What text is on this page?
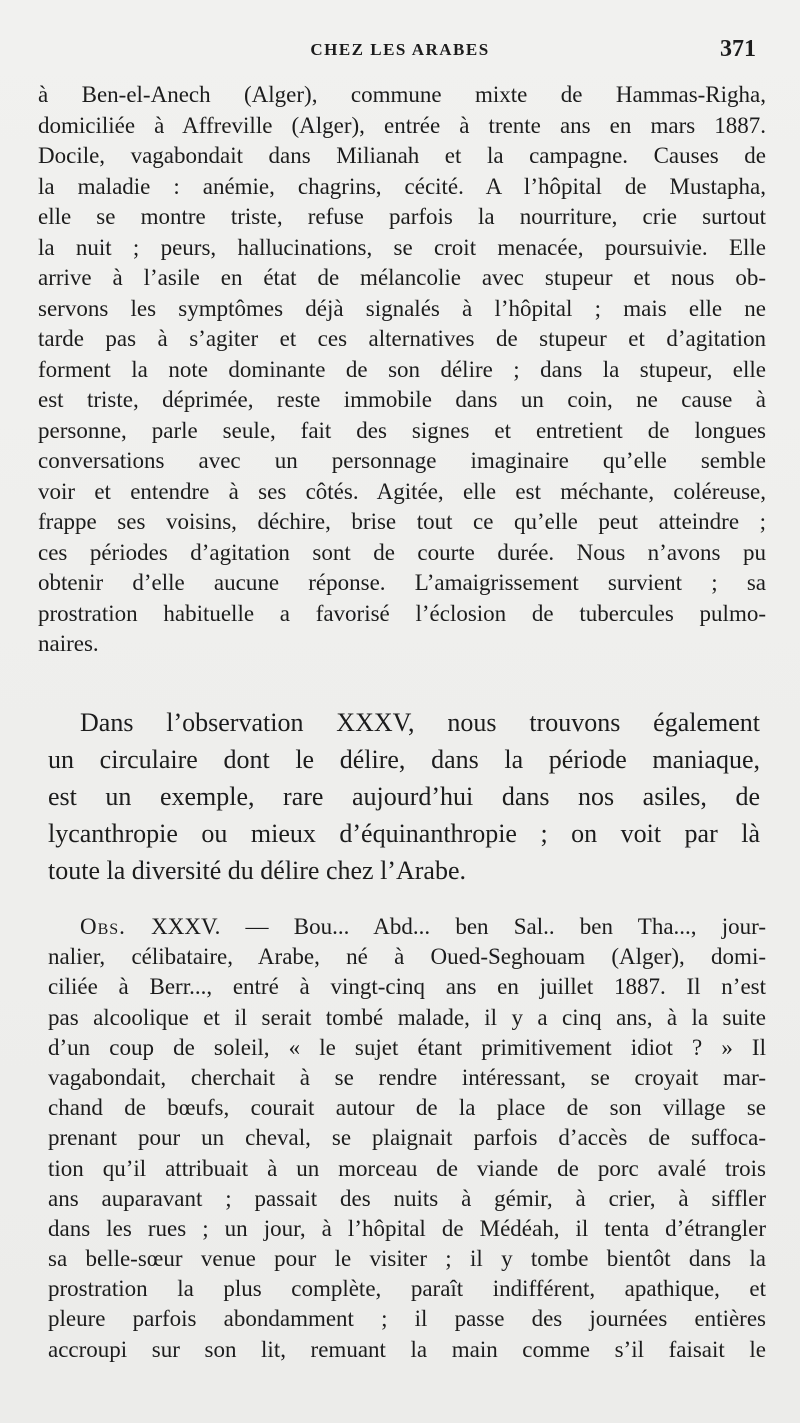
CHEZ LES ARABES	371
à Ben-el-Anech (Alger), commune mixte de Hammas-Righa,
domiciliée à Affreville (Alger), entrée à trente ans en mars 1887.
Docile, vagabondait dans Milianah et la campagne. Causes de
la maladie : anémie, chagrins, cécité. A l’hôpital de Mustapha,
elle se montre triste, refuse parfois la nourriture, crie surtout
la nuit ; peurs, hallucinations, se croit menacée, poursuivie. Elle
arrive à l’asile en état de mélancolie avec stupeur et nous ob-
servons les symptômes déjà signalés à l’hôpital ; mais elle ne
tarde pas à s’agiter et ces alternatives de stupeur et d’agitation
forment la note dominante de son délire ; dans la stupeur, elle
est triste, déprimée, reste immobile dans un coin, ne cause à
personne, parle seule, fait des signes et entretient de longues
conversations avec un personnage imaginaire qu’elle semble
voir et entendre à ses côtés. Agitée, elle est méchante, coléreuse,
frappe ses voisins, déchire, brise tout ce qu’elle peut atteindre ;
ces périodes d’agitation sont de courte durée. Nous n’avons pu
obtenir d’elle aucune réponse. L’amaigrissement survient ; sa
prostration habituelle a favorisé l’éclosion de tubercules pulmo-
naires.
Dans l’observation XXXV, nous trouvons également
un circulaire dont le délire, dans la période maniaque,
est un exemple, rare aujourd’hui dans nos asiles, de
lycanthropie ou mieux d’équinanthropie ; on voit par là
toute la diversité du délire chez l’Arabe.
Obs. XXXV. — Bou... Abd... ben Sal.. ben Tha..., jour-
nalier, célibataire, Arabe, né à Oued-Seghouam (Alger), domi-
ciliée à Berr..., entré à vingt-cinq ans en juillet 1887. Il n’est
pas alcoolique et il serait tombé malade, il y a cinq ans, à la suite
d’un coup de soleil, « le sujet étant primitivement idiot ? » Il
vagabondait, cherchait à se rendre intéressant, se croyait mar-
chand de bœufs, courait autour de la place de son village se
prenant pour un cheval, se plaignait parfois d’accès de suffoca-
tion qu’il attribuait à un morceau de viande de porc avalé trois
ans auparavant ; passait des nuits à gémir, à crier, à siffler
dans les rues ; un jour, à l’hôpital de Médéah, il tenta d’étrangler
sa belle-sœur venue pour le visiter ; il y tombe bientôt dans la
prostration la plus complète, paraît indifférent, apathique, et
pleure parfois abondamment ; il passe des journées entières
accroupi sur son lit, remuant la main comme s’il faisait le
